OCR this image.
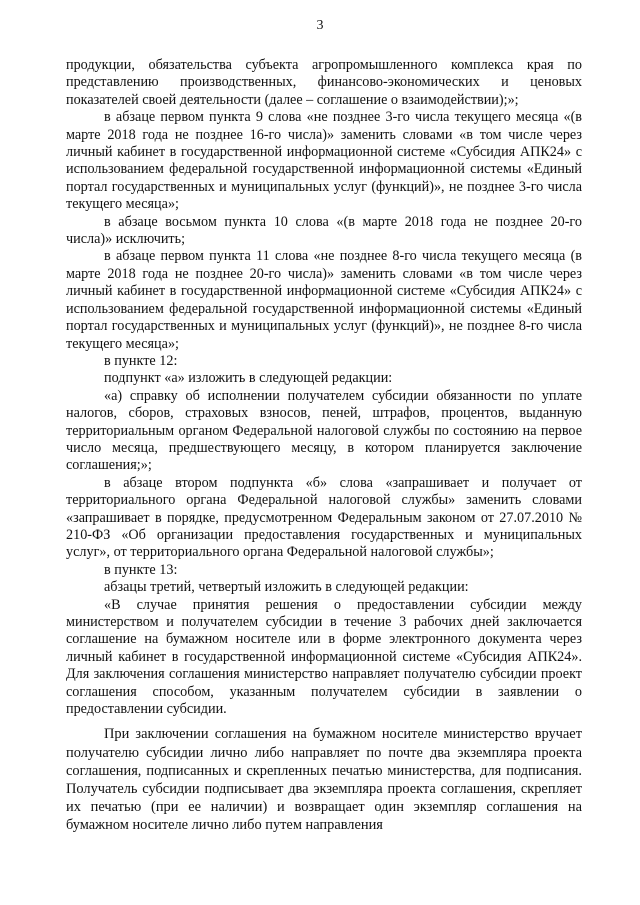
3

продукции, обязательства субъекта агропромышленного комплекса края по представлению производственных, финансово-экономических и ценовых показателей своей деятельности (далее – соглашение о взаимодействии);»;

в абзаце первом пункта 9 слова «не позднее 3-го числа текущего месяца «(в марте 2018 года не позднее 16-го числа)» заменить словами «в том числе через личный кабинет в государственной информационной системе «Субсидия АПК24» с использованием федеральной государственной информационной системы «Единый портал государственных и муниципальных услуг (функций)», не позднее 3-го числа текущего месяца»;

в абзаце восьмом пункта 10 слова «(в марте 2018 года не позднее 20-го числа)» исключить;

в абзаце первом пункта 11 слова «не позднее 8-го числа текущего месяца (в марте 2018 года не позднее 20-го числа)» заменить словами «в том числе через личный кабинет в государственной информационной системе «Субсидия АПК24» с использованием федеральной государственной информационной системы «Единый портал государственных и муниципальных услуг (функций)», не позднее 8-го числа текущего месяца»;

в пункте 12:

подпункт «а» изложить в следующей редакции:

«а) справку об исполнении получателем субсидии обязанности по уплате налогов, сборов, страховых взносов, пеней, штрафов, процентов, выданную территориальным органом Федеральной налоговой службы по состоянию на первое число месяца, предшествующего месяцу, в котором планируется заключение соглашения;»;

в абзаце втором подпункта «б» слова «запрашивает и получает от территориального органа Федеральной налоговой службы» заменить словами «запрашивает в порядке, предусмотренном Федеральным законом от 27.07.2010 № 210-ФЗ «Об организации предоставления государственных и муниципальных услуг», от территориального органа Федеральной налоговой службы»;

в пункте 13:

абзацы третий, четвертый изложить в следующей редакции:

«В случае принятия решения о предоставлении субсидии между министерством и получателем субсидии в течение 3 рабочих дней заключается соглашение на бумажном носителе или в форме электронного документа через личный кабинет в государственной информационной системе «Субсидия АПК24». Для заключения соглашения министерство направляет получателю субсидии проект соглашения способом, указанным получателем субсидии в заявлении о предоставлении субсидии.

При заключении соглашения на бумажном носителе министерство вручает получателю субсидии лично либо направляет по почте два экземпляра проекта соглашения, подписанных и скрепленных печатью министерства, для подписания. Получатель субсидии подписывает два экземпляра проекта соглашения, скрепляет их печатью (при ее наличии) и возвращает один экземпляр соглашения на бумажном носителе лично либо путем направления
